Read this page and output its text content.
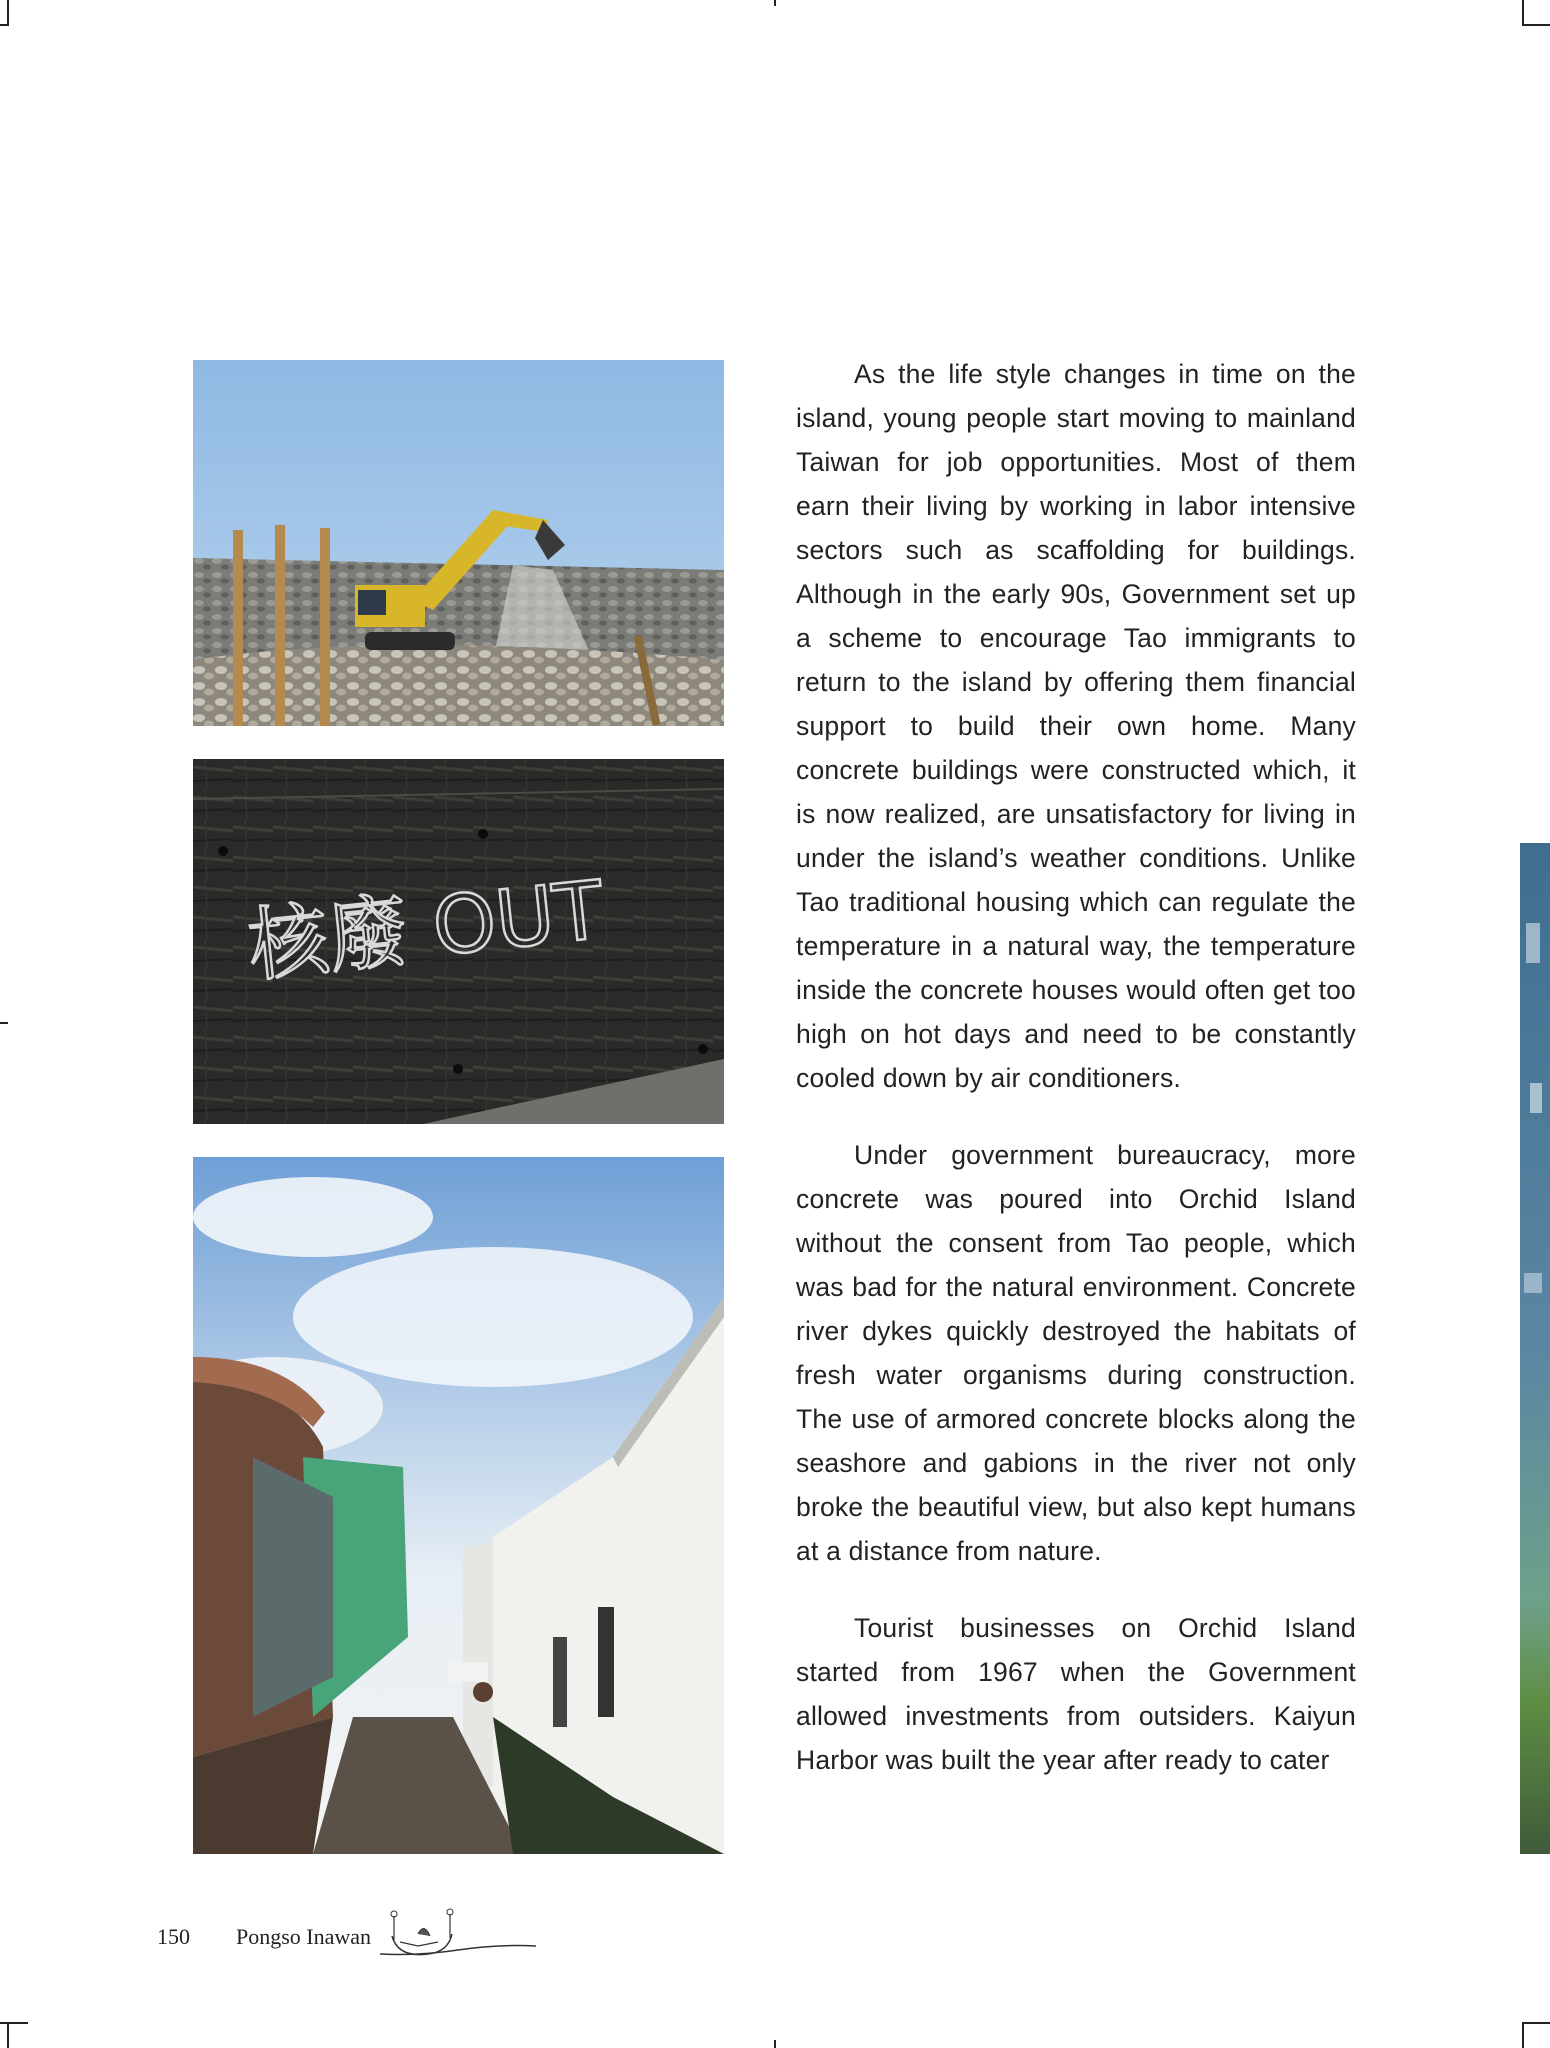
核廢 OUT

As the life style changes in time on the island, young people start moving to mainland Taiwan for job opportunities. Most of them earn their living by working in labor intensive sectors such as scaffolding for buildings. Although in the early 90s, Government set up a scheme to encourage Tao immigrants to return to the island by offering them financial support to build their own home. Many concrete buildings were constructed which, it is now realized, are unsatisfactory for living in under the island’s weather conditions. Unlike Tao traditional housing which can regulate the temperature in a natural way, the temperature inside the concrete houses would often get too high on hot days and need to be constantly cooled down by air conditioners.

Under government bureaucracy, more concrete was poured into Orchid Island without the consent from Tao people, which was bad for the natural environment. Concrete river dykes quickly destroyed the habitats of fresh water organisms during construction. The use of armored concrete blocks along the seashore and gabions in the river not only broke the beautiful view, but also kept humans at a distance from nature.

Tourist businesses on Orchid Island started from 1967 when the Government allowed investments from outsiders. Kaiyun Harbor was built the year after ready to cater

150 Pongso Inawan
